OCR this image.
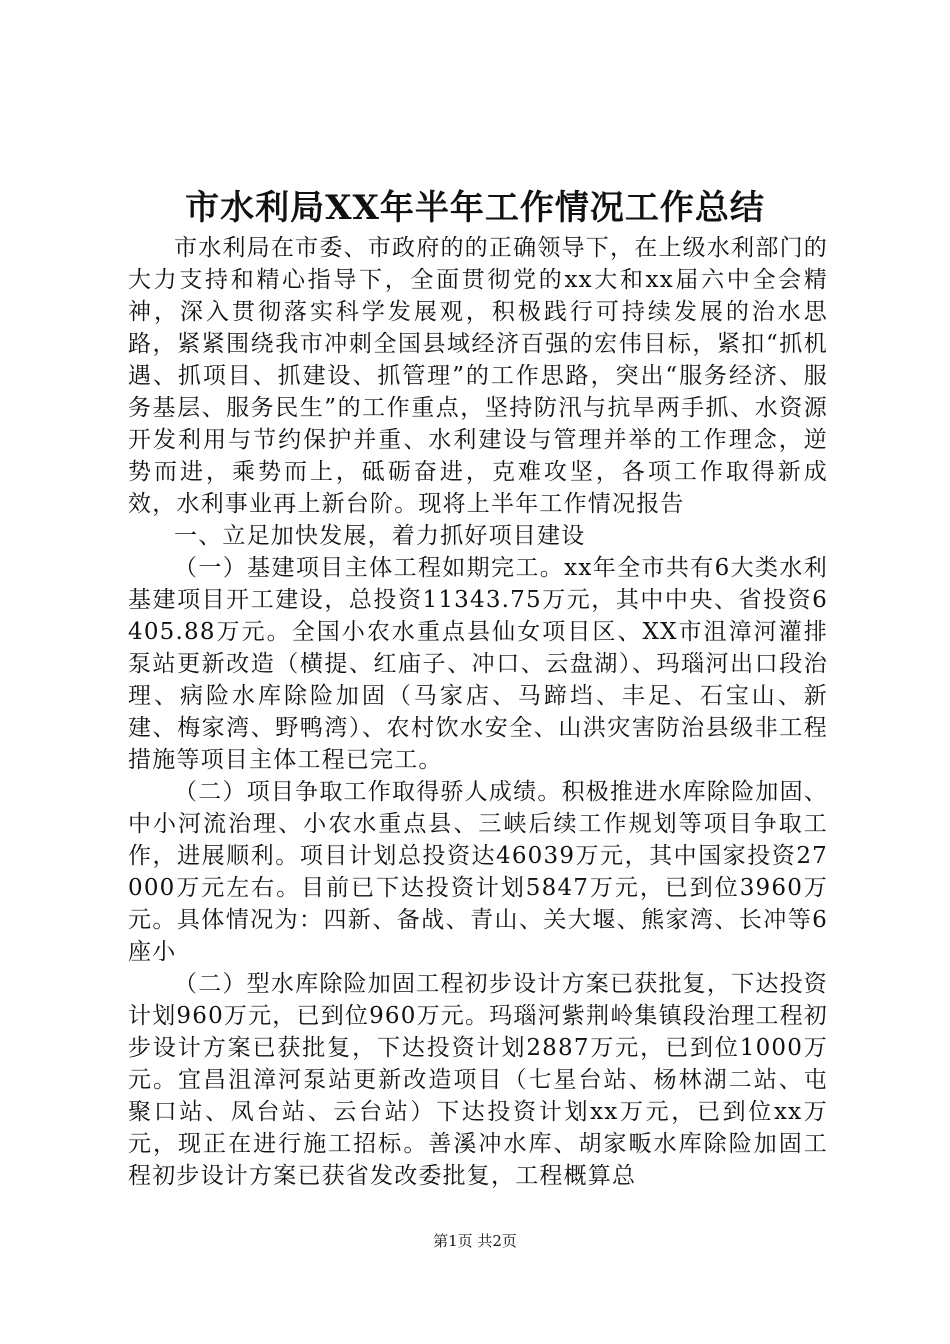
市水利局XX年半年工作情况工作总结

市水利局在市委、市政府的的正确领导下，在上级水利部门的大力支持和精心指导下，全面贯彻党的xx大和xx届六中全会精神，深入贯彻落实科学发展观，积极践行可持续发展的治水思路，紧紧围绕我市冲刺全国县域经济百强的宏伟目标，紧扣“抓机遇、抓项目、抓建设、抓管理”的工作思路，突出“服务经济、服务基层、服务民生”的工作重点，坚持防汛与抗旱两手抓、水资源开发利用与节约保护并重、水利建设与管理并举的工作理念，逆势而进，乘势而上，砥砺奋进，克难攻坚，各项工作取得新成效，水利事业再上新台阶。现将上半年工作情况报告

一、立足加快发展，着力抓好项目建设

（一）基建项目主体工程如期完工。xx年全市共有6大类水利基建项目开工建设，总投资11343.75万元，其中中央、省投资6405.88万元。全国小农水重点县仙女项目区、XX市沮漳河灌排泵站更新改造（横提、红庙子、冲口、云盘湖）、玛瑙河出口段治理、病险水库除险加固（马家店、马蹄垱、丰足、石宝山、新建、梅家湾、野鸭湾）、农村饮水安全、山洪灾害防治县级非工程措施等项目主体工程已完工。

（二）项目争取工作取得骄人成绩。积极推进水库除险加固、中小河流治理、小农水重点县、三峡后续工作规划等项目争取工作，进展顺利。项目计划总投资达46039万元，其中国家投资27000万元左右。目前已下达投资计划5847万元，已到位3960万元。具体情况为：四新、备战、青山、关大堰、熊家湾、长冲等6座小

（二）型水库除险加固工程初步设计方案已获批复，下达投资计划960万元，已到位960万元。玛瑙河紫荆岭集镇段治理工程初步设计方案已获批复，下达投资计划2887万元，已到位1000万元。宜昌沮漳河泵站更新改造项目（七星台站、杨林湖二站、屯聚口站、凤台站、云台站）下达投资计划xx万元，已到位xx万元，现正在进行施工招标。善溪冲水库、胡家畈水库除险加固工程初步设计方案已获省发改委批复，工程概算总

第1页 共2页
